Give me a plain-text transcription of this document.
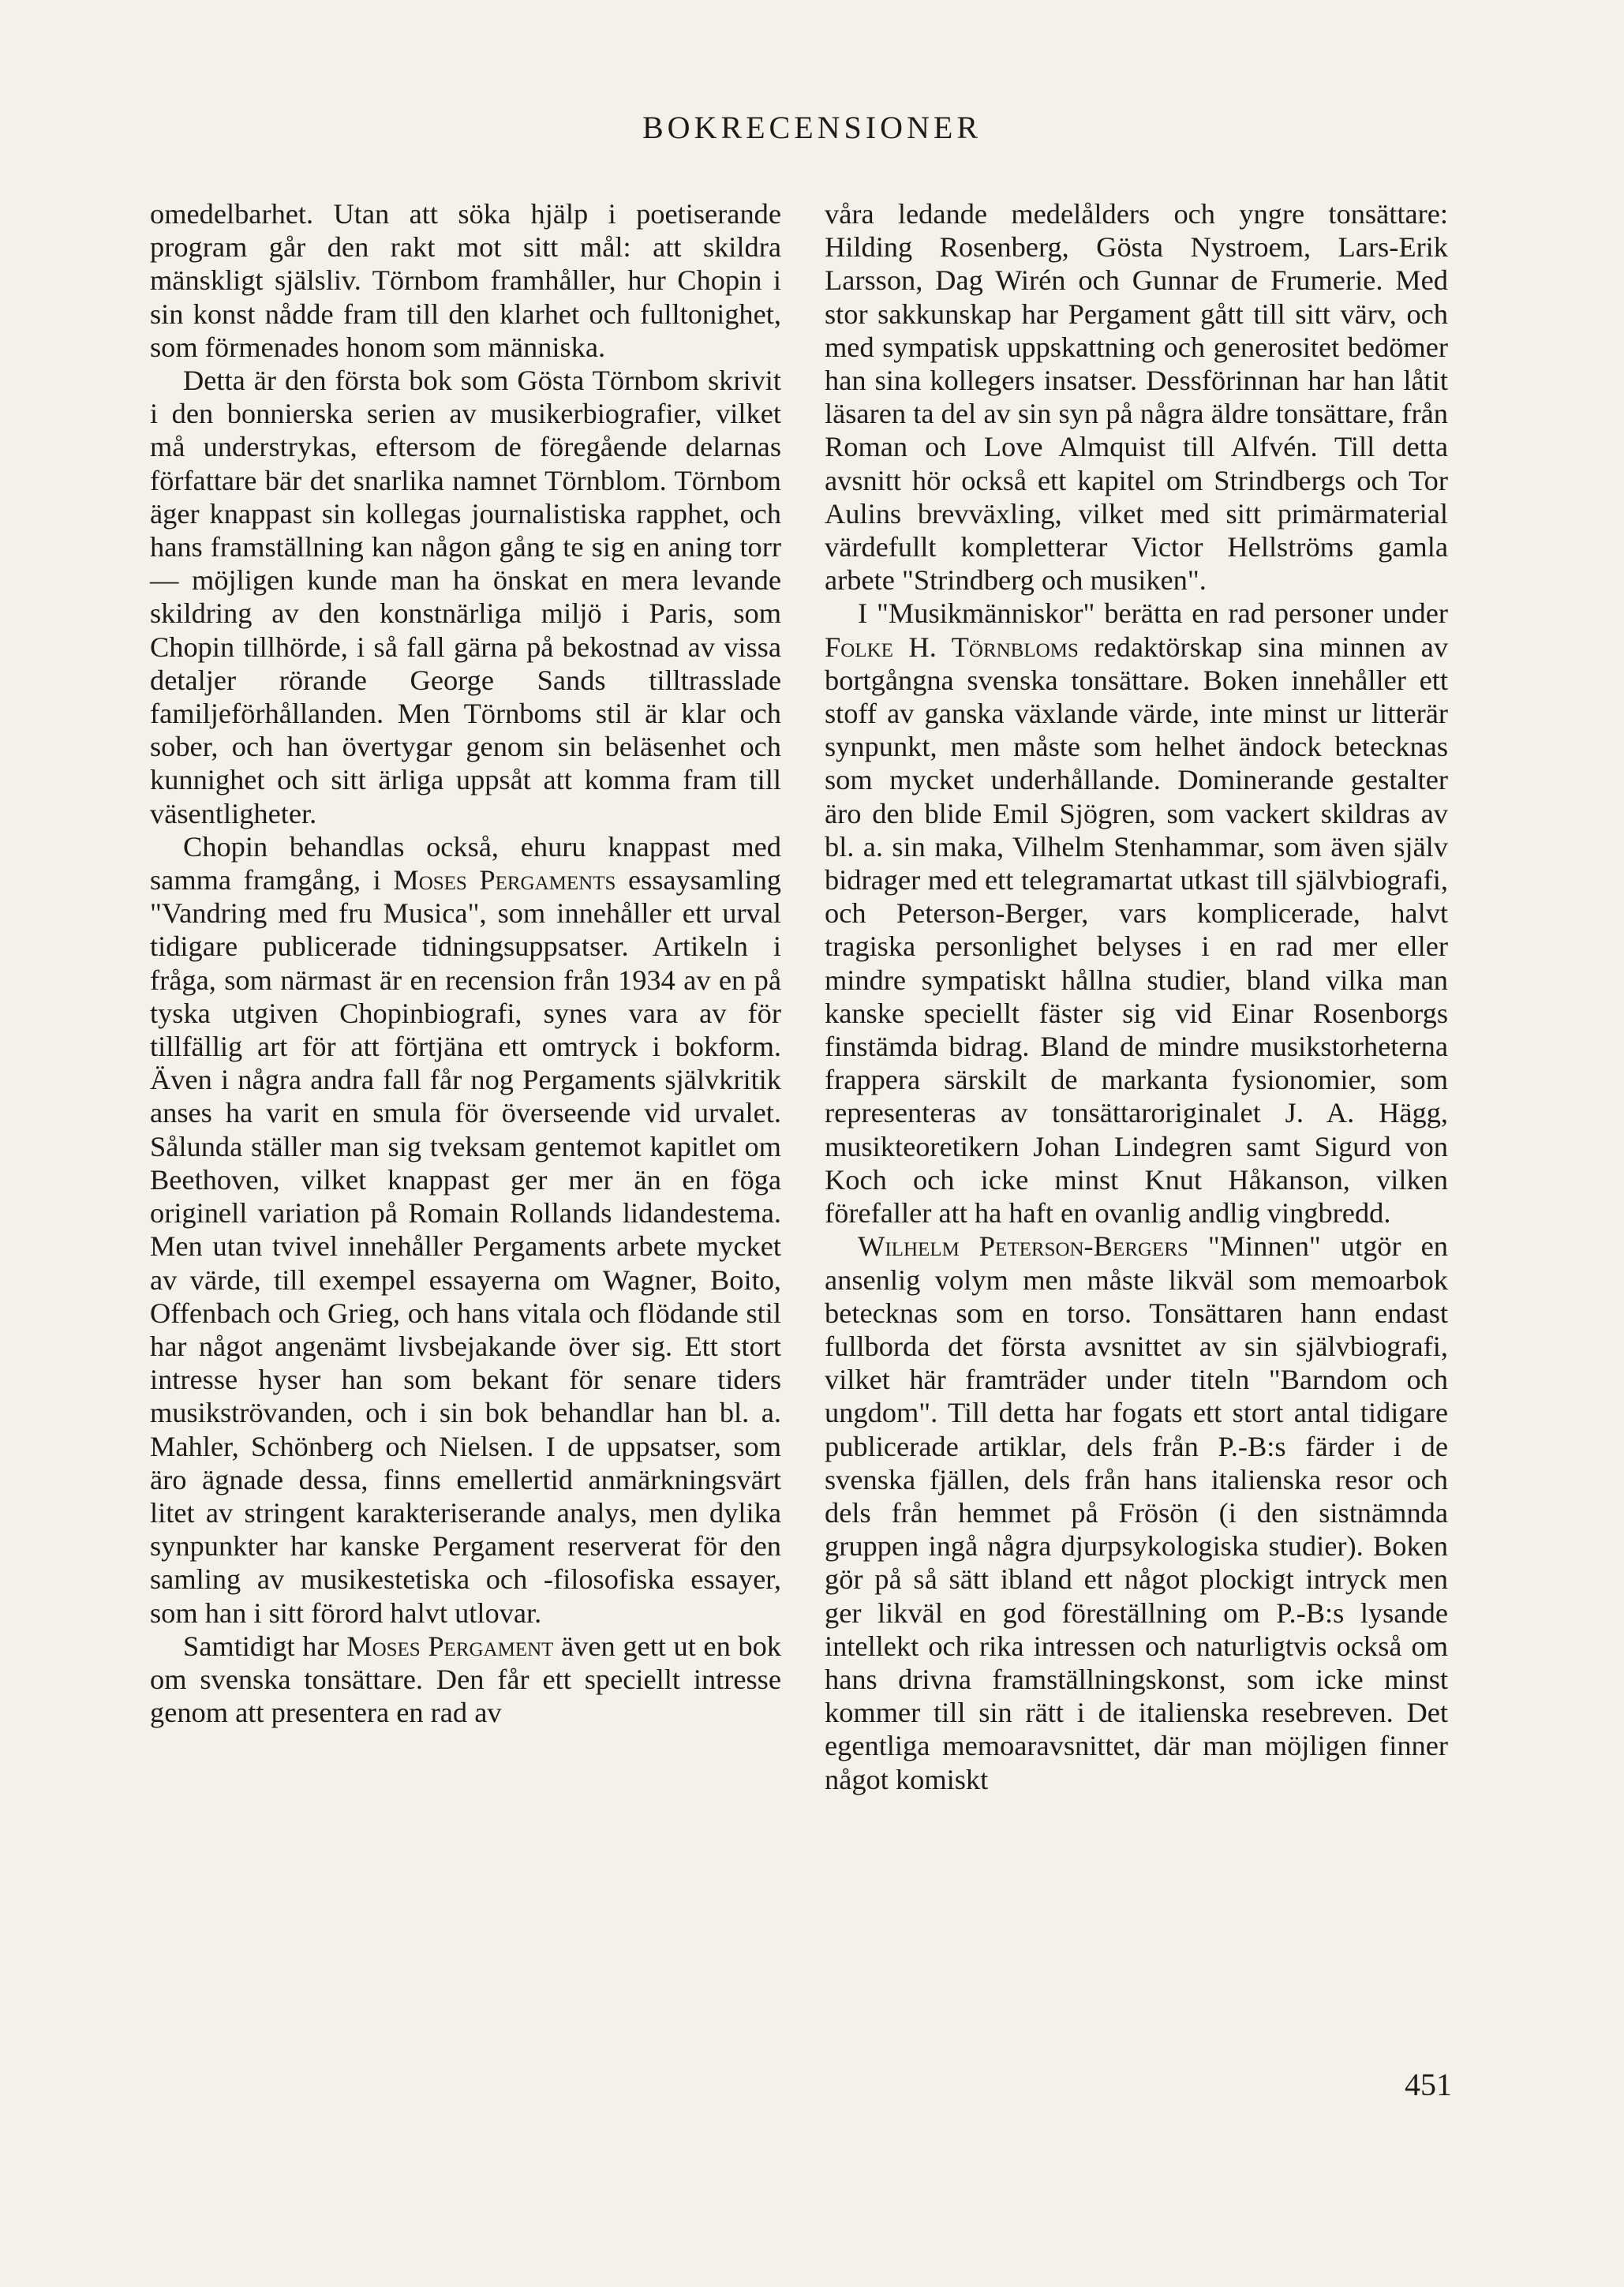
BOKRECENSIONER

omedelbarhet. Utan att söka hjälp i poetiserande program går den rakt mot sitt mål: att skildra mänskligt själsliv. Törnbom framhåller, hur Chopin i sin konst nådde fram till den klarhet och fulltonighet, som förmenades honom som människa.

Detta är den första bok som Gösta Törnbom skrivit i den bonnierska serien av musikerbiografier, vilket må understrykas, eftersom de föregående delarnas författare bär det snarlika namnet Törnblom. Törnbom äger knappast sin kollegas journalistiska rapphet, och hans framställning kan någon gång te sig en aning torr — möjligen kunde man ha önskat en mera levande skildring av den konstnärliga miljö i Paris, som Chopin tillhörde, i så fall gärna på bekostnad av vissa detaljer rörande George Sands tilltrasslade familjeförhållanden. Men Törnboms stil är klar och sober, och han övertygar genom sin beläsenhet och kunnighet och sitt ärliga uppsåt att komma fram till väsentligheter.

Chopin behandlas också, ehuru knappast med samma framgång, i Moses Pergaments essaysamling "Vandring med fru Musica", som innehåller ett urval tidigare publicerade tidningsuppsatser. Artikeln i fråga, som närmast är en recension från 1934 av en på tyska utgiven Chopinbiografi, synes vara av för tillfällig art för att förtjäna ett omtryck i bokform. Även i några andra fall får nog Pergaments självkritik anses ha varit en smula för överseende vid urvalet. Sålunda ställer man sig tveksam gentemot kapitlet om Beethoven, vilket knappast ger mer än en föga originell variation på Romain Rollands lidandestema. Men utan tvivel innehåller Pergaments arbete mycket av värde, till exempel essayerna om Wagner, Boito, Offenbach och Grieg, och hans vitala och flödande stil har något angenämt livsbejakande över sig. Ett stort intresse hyser han som bekant för senare tiders musikströvanden, och i sin bok behandlar han bl. a. Mahler, Schönberg och Nielsen. I de uppsatser, som äro ägnade dessa, finns emellertid anmärkningsvärt litet av stringent karakteriserande analys, men dylika synpunkter har kanske Pergament reserverat för den samling av musikestetiska och -filosofiska essayer, som han i sitt förord halvt utlovar.

Samtidigt har Moses Pergament även gett ut en bok om svenska tonsättare. Den får ett speciellt intresse genom att presentera en rad av

våra ledande medelålders och yngre tonsättare: Hilding Rosenberg, Gösta Nystroem, Lars-Erik Larsson, Dag Wirén och Gunnar de Frumerie. Med stor sakkunskap har Pergament gått till sitt värv, och med sympatisk uppskattning och generositet bedömer han sina kollegers insatser. Dessförinnan har han låtit läsaren ta del av sin syn på några äldre tonsättare, från Roman och Love Almquist till Alfvén. Till detta avsnitt hör också ett kapitel om Strindbergs och Tor Aulins brevväxling, vilket med sitt primärmaterial värdefullt kompletterar Victor Hellströms gamla arbete "Strindberg och musiken".

I "Musikmänniskor" berätta en rad personer under Folke H. Törnbloms redaktörskap sina minnen av bortgångna svenska tonsättare. Boken innehåller ett stoff av ganska växlande värde, inte minst ur litterär synpunkt, men måste som helhet ändock betecknas som mycket underhållande. Dominerande gestalter äro den blide Emil Sjögren, som vackert skildras av bl. a. sin maka, Vilhelm Stenhammar, som även själv bidrager med ett telegramartat utkast till självbiografi, och Peterson-Berger, vars komplicerade, halvt tragiska personlighet belyses i en rad mer eller mindre sympatiskt hållna studier, bland vilka man kanske speciellt fäster sig vid Einar Rosenborgs finstämda bidrag. Bland de mindre musikstorheterna frappera särskilt de markanta fysionomier, som representeras av tonsättaroriginalet J. A. Hägg, musikteoretikern Johan Lindegren samt Sigurd von Koch och icke minst Knut Håkanson, vilken förefaller att ha haft en ovanlig andlig vingbredd.

Wilhelm Peterson-Bergers "Minnen" utgör en ansenlig volym men måste likväl som memoarbok betecknas som en torso. Tonsättaren hann endast fullborda det första avsnittet av sin självbiografi, vilket här framträder under titeln "Barndom och ungdom". Till detta har fogats ett stort antal tidigare publicerade artiklar, dels från P.-B:s färder i de svenska fjällen, dels från hans italienska resor och dels från hemmet på Frösön (i den sistnämnda gruppen ingå några djurpsykologiska studier). Boken gör på så sätt ibland ett något plockigt intryck men ger likväl en god föreställning om P.-B:s lysande intellekt och rika intressen och naturligtvis också om hans drivna framställningskonst, som icke minst kommer till sin rätt i de italienska resebreven. Det egentliga memoaravsnittet, där man möjligen finner något komiskt

451
